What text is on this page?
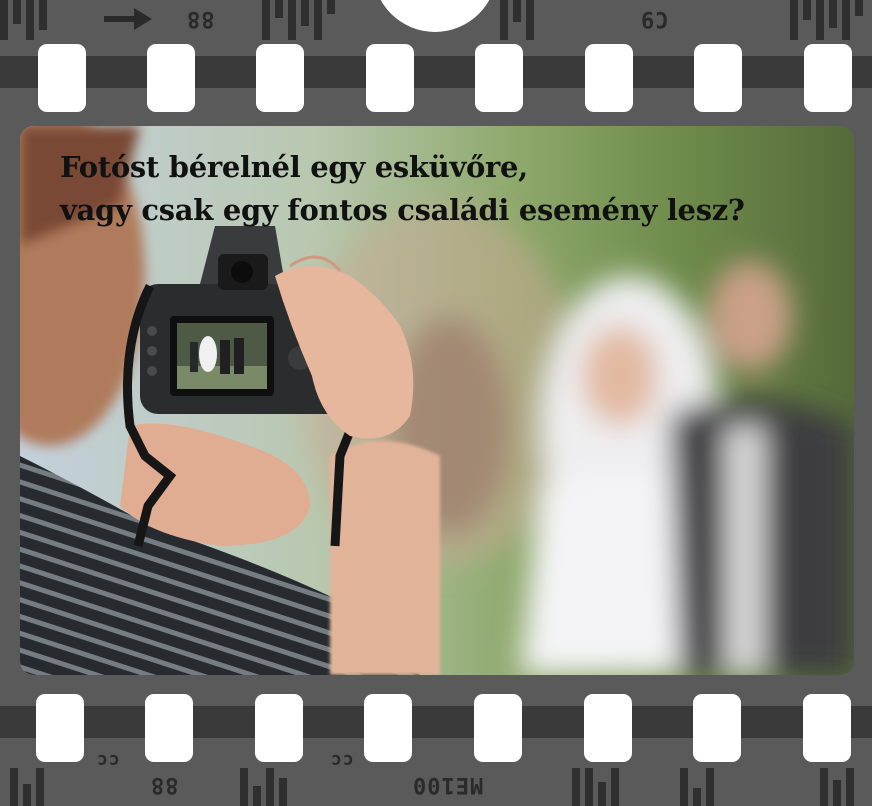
88	C9

Fotóst bérelnél egy esküvőre,
vagy csak egy fontos családi esemény lesz?

cc
88
cc
ME100
